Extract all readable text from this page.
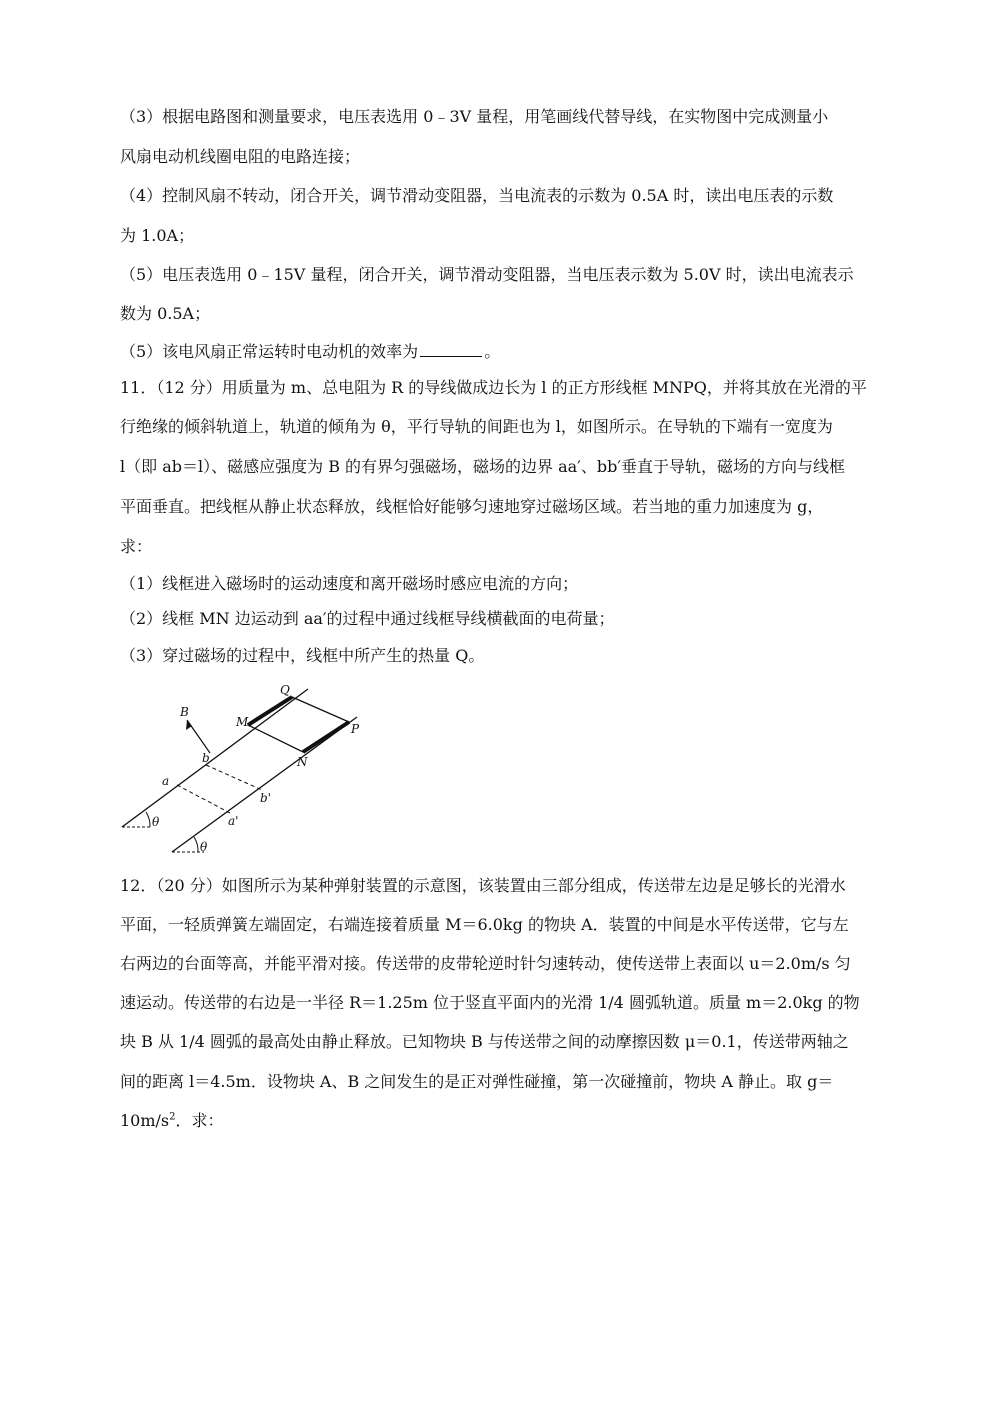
（3）根据电路图和测量要求，电压表选用 0﹣3V 量程，用笔画线代替导线，在实物图中完成测量小
风扇电动机线圈电阻的电路连接；
（4）控制风扇不转动，闭合开关，调节滑动变阻器，当电流表的示数为 0.5A 时，读出电压表的示数
为 1.0A；
（5）电压表选用 0﹣15V 量程，闭合开关，调节滑动变阻器，当电压表示数为 5.0V 时，读出电流表示
数为 0.5A；
（5）该电风扇正常运转时电动机的效率为	。
11．（12 分）用质量为 m、总电阻为 R 的导线做成边长为 l 的正方形线框 MNPQ，并将其放在光滑的平
行绝缘的倾斜轨道上，轨道的倾角为 θ，平行导轨的间距也为 l，如图所示。在导轨的下端有一宽度为
l（即 ab＝l）、磁感应强度为 B 的有界匀强磁场，磁场的边界 aa′、bb′垂直于导轨，磁场的方向与线框
平面垂直。把线框从静止状态释放，线框恰好能够匀速地穿过磁场区域。若当地的重力加速度为 g，
求：
（1）线框进入磁场时的运动速度和离开磁场时感应电流的方向；
（2）线框 MN 边运动到 aa′的过程中通过线框导线横截面的电荷量；
（3）穿过磁场的过程中，线框中所产生的热量 Q。
Q
M	P
N
B
b
a
b'
a'
θ
θ
12．（20 分）如图所示为某种弹射装置的示意图，该装置由三部分组成，传送带左边是足够长的光滑水
平面，一轻质弹簧左端固定，右端连接着质量 M＝6.0kg 的物块 A．装置的中间是水平传送带，它与左
右两边的台面等高，并能平滑对接。传送带的皮带轮逆时针匀速转动，使传送带上表面以 u＝2.0m/s 匀
速运动。传送带的右边是一半径 R＝1.25m 位于竖直平面内的光滑 1/4 圆弧轨道。质量 m＝2.0kg 的物
块 B 从 1/4 圆弧的最高处由静止释放。已知物块 B 与传送带之间的动摩擦因数 μ＝0.1，传送带两轴之
间的距离 l＝4.5m．设物块 A、B 之间发生的是正对弹性碰撞，第一次碰撞前，物块 A 静止。取 g＝
$10m/s^2$．求：
